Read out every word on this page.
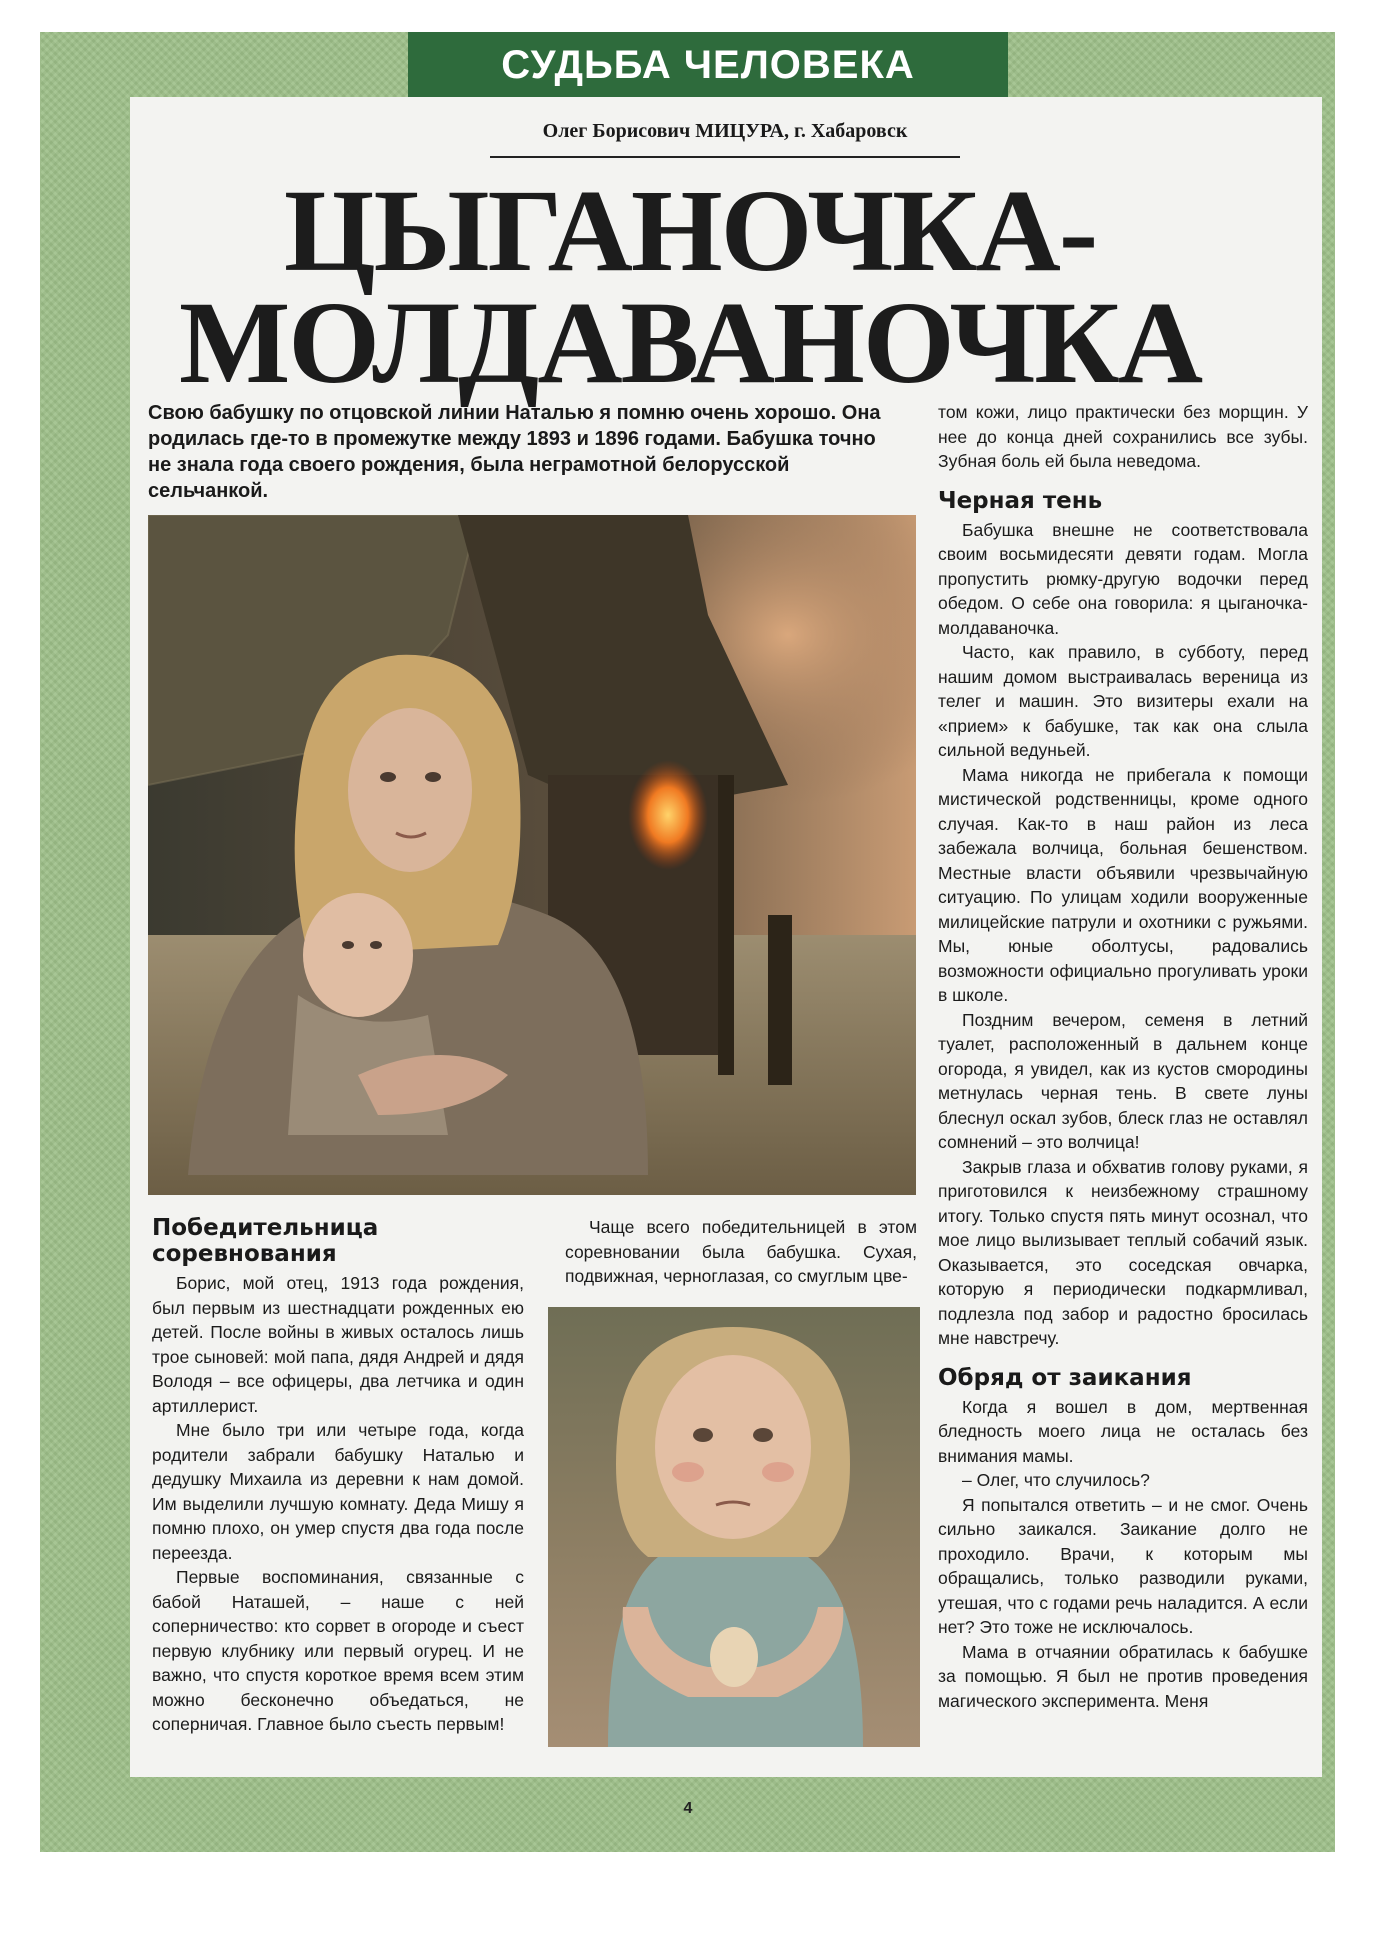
СУДЬБА ЧЕЛОВЕКА
Олег Борисович МИЦУРА, г. Хабаровск
ЦЫГАНОЧКА-
МОЛДАВАНОЧКА
Свою бабушку по отцовской линии Наталью я помню очень хорошо. Она родилась где-то в промежутке между 1893 и 1896 годами. Бабушка точно не знала года своего рождения, была неграмотной белорусской сельчанкой.

том кожи, лицо практически без морщин. У нее до конца дней сохранились все зубы. Зубная боль ей была неведома.

Черная тень

Бабушка внешне не соответствовала своим восьмидесяти девяти годам. Могла пропустить рюмку-другую водочки перед обедом. О себе она говорила: я цыганочка-молдаваночка.

Часто, как правило, в субботу, перед нашим домом выстраивалась вереница из телег и машин. Это визитеры ехали на «прием» к бабушке, так как она слыла сильной ведуньей.

Мама никогда не прибегала к помощи мистической родственницы, кроме одного случая. Как-то в наш район из леса забежала волчица, больная бешенством. Местные власти объявили чрезвычайную ситуацию. По улицам ходили вооруженные милицейские патрули и охотники с ружьями. Мы, юные оболтусы, радовались возможности официально прогуливать уроки в школе.

Поздним вечером, семеня в летний туалет, расположенный в дальнем конце огорода, я увидел, как из кустов смородины метнулась черная тень. В свете луны блеснул оскал зубов, блеск глаз не оставлял сомнений – это волчица!

Закрыв глаза и обхватив голову руками, я приготовился к неизбежному страшному итогу. Только спустя пять минут осознал, что мое лицо вылизывает теплый собачий язык. Оказывается, это соседская овчарка, которую я периодически подкармливал, подлезла под забор и радостно бросилась мне навстречу.

Обряд от заикания

Когда я вошел в дом, мертвенная бледность моего лица не осталась без внимания мамы.

– Олег, что случилось?

Я попытался ответить – и не смог. Очень сильно заикался. Заикание долго не проходило. Врачи, к которым мы обращались, только разводили руками, утешая, что с годами речь наладится. А если нет? Это тоже не исключалось.

Мама в отчаянии обратилась к бабушке за помощью. Я был не против проведения магического эксперимента. Меня

Победительница соревнования

Борис, мой отец, 1913 года рождения, был первым из шестнадцати рожденных ею детей. После войны в живых осталось лишь трое сыновей: мой папа, дядя Андрей и дядя Володя – все офицеры, два летчика и один артиллерист.

Мне было три или четыре года, когда родители забрали бабушку Наталью и дедушку Михаила из деревни к нам домой. Им выделили лучшую комнату. Деда Мишу я помню плохо, он умер спустя два года после переезда.

Первые воспоминания, связанные с бабой Наташей, – наше с ней соперничество: кто сорвет в огороде и съест первую клубнику или первый огурец. И не важно, что спустя короткое время всем этим можно бесконечно объедаться, не соперничая. Главное было съесть первым!

Чаще всего победительницей в этом соревновании была бабушка. Сухая, подвижная, черноглазая, со смуглым цве-

4
